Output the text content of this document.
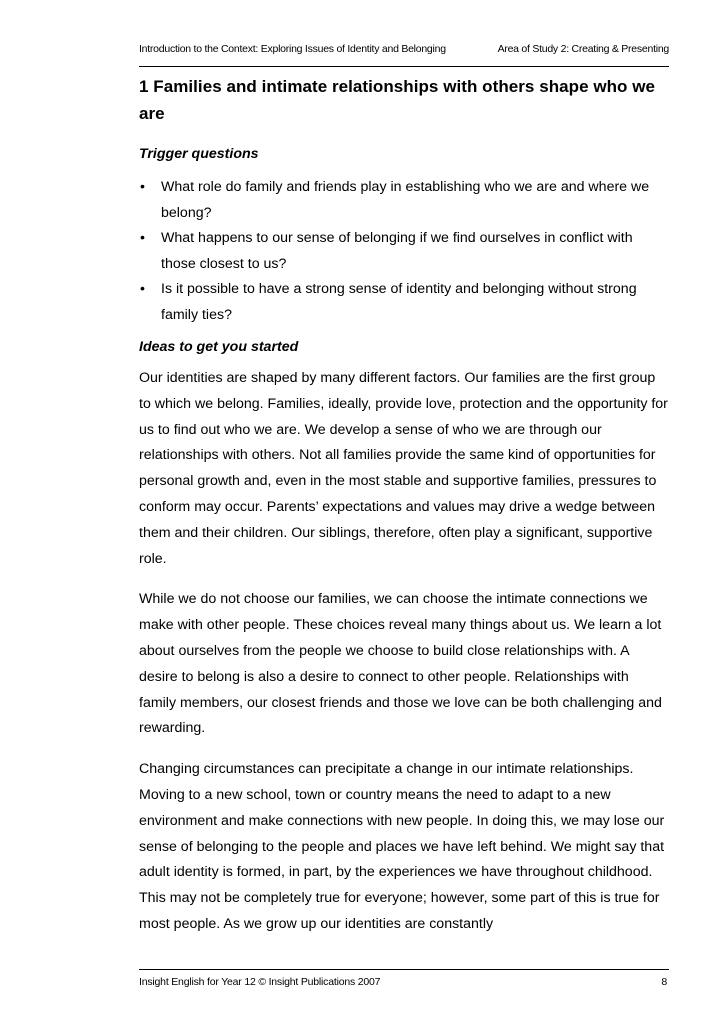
Introduction to the Context: Exploring Issues of Identity and Belonging	Area of Study 2: Creating & Presenting
1 Families and intimate relationships with others shape who we are
Trigger questions
• What role do family and friends play in establishing who we are and where we belong?
• What happens to our sense of belonging if we find ourselves in conflict with those closest to us?
• Is it possible to have a strong sense of identity and belonging without strong family ties?
Ideas to get you started

Our identities are shaped by many different factors. Our families are the first group to which we belong. Families, ideally, provide love, protection and the opportunity for us to find out who we are. We develop a sense of who we are through our relationships with others. Not all families provide the same kind of opportunities for personal growth and, even in the most stable and supportive families, pressures to conform may occur. Parents’ expectations and values may drive a wedge between them and their children. Our siblings, therefore, often play a significant, supportive role.

While we do not choose our families, we can choose the intimate connections we make with other people. These choices reveal many things about us. We learn a lot about ourselves from the people we choose to build close relationships with. A desire to belong is also a desire to connect to other people. Relationships with family members, our closest friends and those we love can be both challenging and rewarding.

Changing circumstances can precipitate a change in our intimate relationships. Moving to a new school, town or country means the need to adapt to a new environment and make connections with new people. In doing this, we may lose our sense of belonging to the people and places we have left behind. We might say that adult identity is formed, in part, by the experiences we have throughout childhood. This may not be completely true for everyone; however, some part of this is true for most people. As we grow up our identities are constantly

Insight English for Year 12 © Insight Publications 2007	8
